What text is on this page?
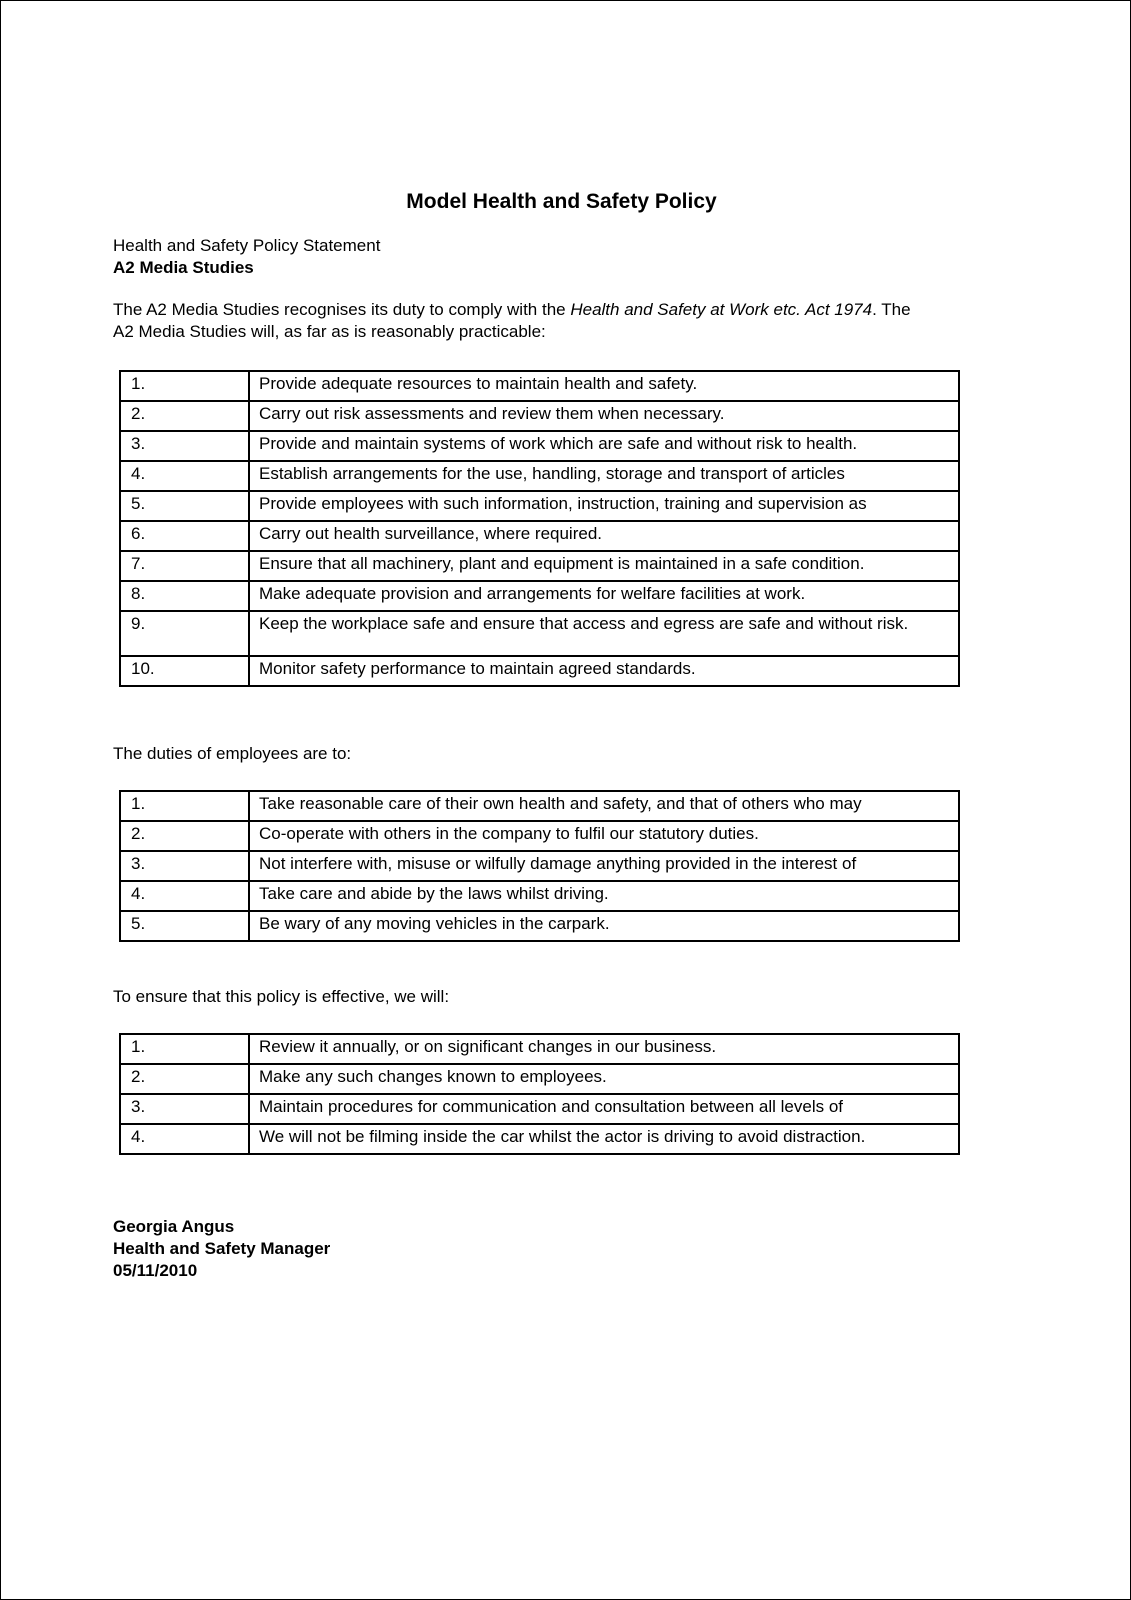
Model Health and Safety Policy
Health and Safety Policy Statement
A2 Media Studies
The A2 Media Studies recognises its duty to comply with the Health and Safety at Work etc. Act 1974. The
A2 Media Studies will, as far as is reasonably practicable:
1.	Provide adequate resources to maintain health and safety.
2.	Carry out risk assessments and review them when necessary.
3.	Provide and maintain systems of work which are safe and without risk to health.
4.	Establish arrangements for the use, handling, storage and transport of articles

5.	Provide employees with such information, instruction, training and supervision as

6.	Carry out health surveillance, where required.
7.	Ensure that all machinery, plant and equipment is maintained in a safe condition.
8.	Make adequate provision and arrangements for welfare facilities at work.
9.	Keep the workplace safe and ensure that access and egress are safe and without risk.
10.	Monitor safety performance to maintain agreed standards.
The duties of employees are to:
1.	Take reasonable care of their own health and safety, and that of others who may

2.	Co-operate with others in the company to fulfil our statutory duties.
3.	Not interfere with, misuse or wilfully damage anything provided in the interest of

4.	Take care and abide by the laws whilst driving.
5.	Be wary of any moving vehicles in the carpark.
To ensure that this policy is effective, we will:
1.	Review it annually, or on significant changes in our business.
2.	Make any such changes known to employees.
3.	Maintain procedures for communication and consultation between all levels of

4.	We will not be filming inside the car whilst the actor is driving to avoid distraction.
Georgia Angus
Health and Safety Manager
05/11/2010
